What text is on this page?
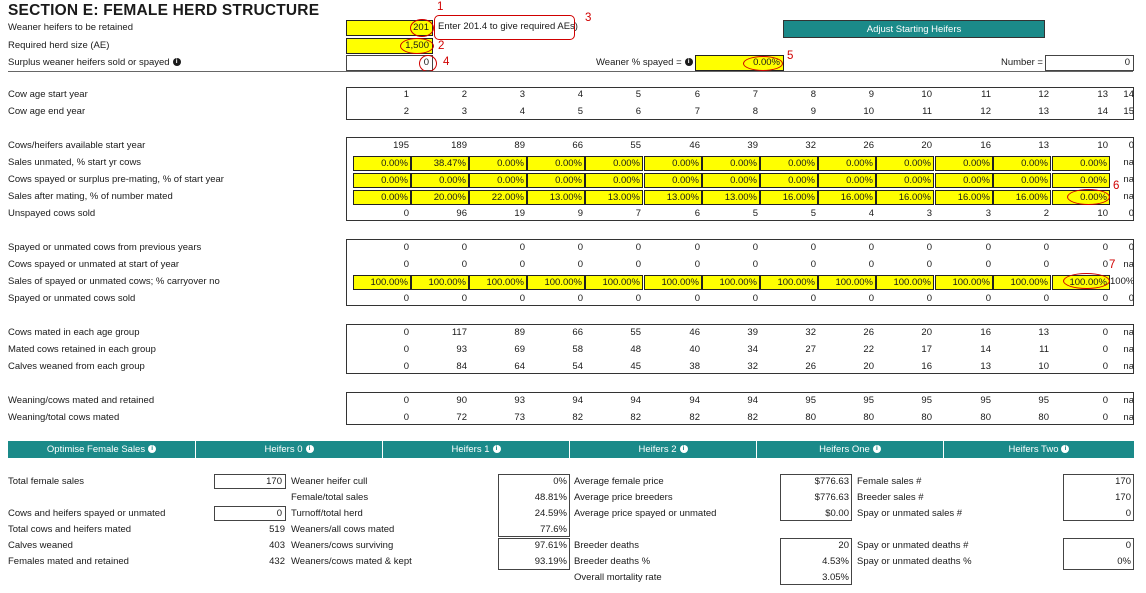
SECTION E: FEMALE HERD STRUCTURE
Weaner heifers to be retained	201 Enter 201.4 to give required AEs)
1
3
Required herd size (AE)	1,500 2
Surplus weaner heifers sold or spayed i	0	4	Weaner % spayed = i	0.00%
5
Number =	0
Adjust Starting Heifers
Cow age start year
Cow age end year
1	2	3	4	5	6	7	8	9	10	11	12	13	14
2	3	4	5	6	7	8	9	10	11	12	13	14	15
Cows/heifers available start year	195	189	89	66	55	46	39	32	26	20	16	13	10	0
Sales unmated, % start yr cows	0.00%	38.47%	0.00%	0.00%	0.00%	0.00%	0.00%	0.00%	0.00%	0.00%	0.00%	0.00%	0.00%	na
Cows spayed or surplus pre-mating, % of start year	0.00%	0.00%	0.00%	0.00%	0.00%	0.00%	0.00%	0.00%	0.00%	0.00%	0.00%	0.00%	0.00%	na
Sales after mating, % of number mated	0.00%	20.00%	22.00%	13.00%	13.00%	13.00%	13.00%	16.00%	16.00%	16.00%	16.00%	16.00%	0.00%	na
Unspayed cows sold	0	96	19	9	7	6	5	5	4	3	3	2	10	0
Spayed or unmated cows from previous years	0	0	0	0	0	0	0	0	0	0	0	0	0	0
Cows spayed or unmated at start of year	0	0	0	0	0	0	0	0	0	0	0	0	0	na
Sales of spayed or unmated cows; % carryover no	100.00%	100.00%	100.00%	100.00%	100.00%	100.00%	100.00%	100.00%	100.00%	100.00%	100.00%	100.00%	100.00% 100%
Spayed or unmated cows sold	0	0	0	0	0	0	0	0	0	0	0	0	0	0
Cows mated in each age group	0	117	89	66	55	46	39	32	26	20	16	13	0	na
Mated cows retained in each group	0	93	69	58	48	40	34	27	22	17	14	11	0	na
Calves weaned from each group	0	84	64	54	45	38	32	26	20	16	13	10	0	na
Weaning/cows mated and retained	0	90	93	94	94	94	94	95	95	95	95	95	0	na
Weaning/total cows mated	0	72	73	82	82	82	82	80	80	80	80	80	0	na
6
7
Optimise Female Sales i	Heifers 0 i	Heifers 1 i	Heifers 2 i	Heifers One i	Heifers Two i
Total female sales	170
Cows and heifers spayed or unmated	0
Total cows and heifers mated	519
Calves weaned	403
Females mated and retained	432
Weaner heifer cull	0%
Female/total sales	48.81%
Turnoff/total herd	24.59%
Weaners/all cows mated	77.6%
Weaners/cows surviving	97.61%
Weaners/cows mated & kept	93.19%
Average female price	$776.63
Average price breeders	$776.63
Average price spayed or unmated	$0.00
Breeder deaths	20
Breeder deaths %	4.53%
Overall mortality rate	3.05%
Female sales #	170
Breeder sales #	170
Spay or unmated sales #	0
Spay or unmated deaths #	0
Spay or unmated deaths %	0%
